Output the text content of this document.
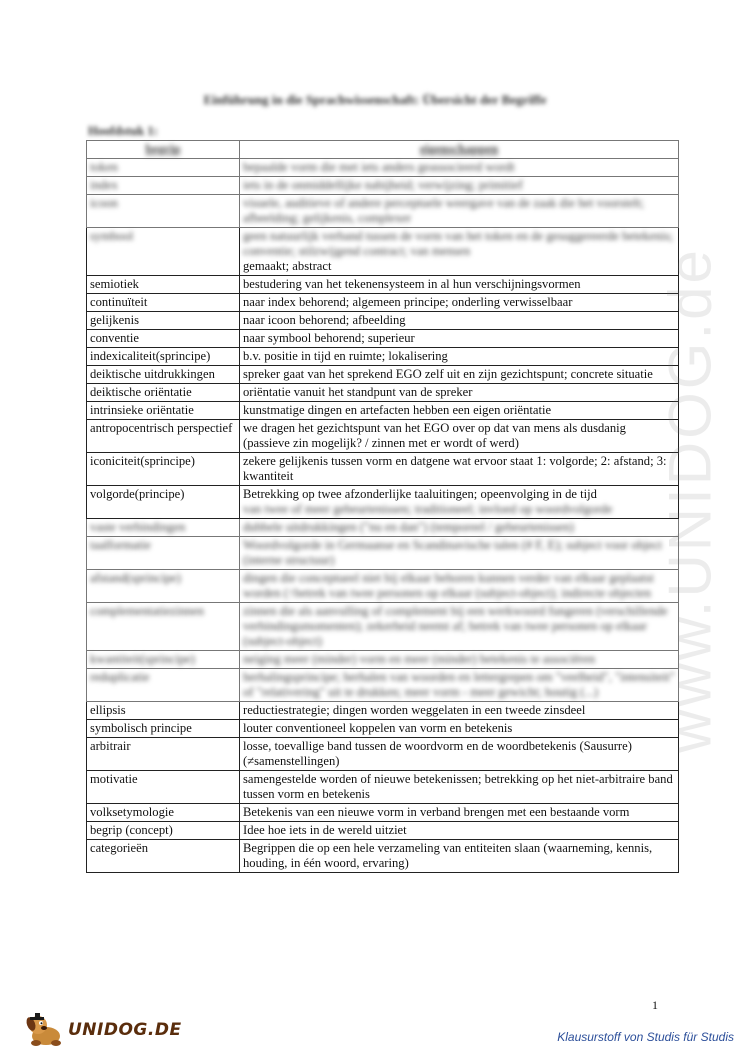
Einführung in die Sprachwissenschaft: Übersicht der Begriffe
Hoofdstuk 1:
begrip	eigenschappen
token	bepaalde vorm die met iets anders geassocieerd wordt
index	iets in de onmiddellijke nabijheid; verwijzing; primitief
icoon	visuele, auditieve of andere perceptuele weergave van de zaak die het voorstelt; afbeelding; gelijkenis, complexer
symbool	geen natuurlijk verband tussen de vorm van het token en de gesuggereerde betekenis; conventie; stilzwijgend contract; van mensen
gemaakt; abstract

semiotiek	bestudering van het tekenensysteem in al hun verschijningsvormen
continuïteit	naar index behorend; algemeen principe; onderling verwisselbaar
gelijkenis	naar icoon behorend; afbeelding
conventie	naar symbool behorend; superieur
indexicaliteit(sprincipe)	b.v. positie in tijd en ruimte; lokalisering
deiktische uitdrukkingen	spreker gaat van het sprekend EGO zelf uit en zijn gezichtspunt; concrete situatie
deiktische oriëntatie	oriëntatie vanuit het standpunt van de spreker
intrinsieke oriëntatie	kunstmatige dingen en artefacten hebben een eigen oriëntatie
antropocentrisch perspectief	we dragen het gezichtspunt van het EGO over op dat van mens als dusdanig (passieve zin mogelijk? / zinnen met er wordt of werd)
iconiciteit(sprincipe)	zekere gelijkenis tussen vorm en datgene wat ervoor staat 1: volgorde; 2: afstand; 3: kwantiteit
volgorde(principe)	Betrekking op twee afzonderlijke taaluitingen; opeenvolging in de tijd
van twee of meer gebeurtenissen; traditioneel; invloed op woordvolgorde

vaste verbindingen	dubbele uitdrukkingen ("nu en dan") (temporeel / gebeurtenissen)
taalformatie	Woordvolgorde in Germaanse en Scandinavische talen (# F, E); subject voor object (interne structuur)
afstand(sprincipe)	dingen die conceptueel niet bij elkaar behoren kunnen verder van elkaar geplaatst worden (↑betrek van twee personen op elkaar (subject-object); indirecte objecten
complementatiezinnen	zinnen die als aanvulling of complement bij een werkwoord fungeren (verschillende verbindingsmomenten); zekerheid neemt af; betrek van twee personen op elkaar (subject-object)
kwantiteit(sprincipe)	neiging meer (minder) vorm en meer (minder) betekenis te associëren
reduplicatie	herhalingsprincipe; herhalen van woorden en lettergrepen om "veelheid", "intensiteit" of "relativering" uit te drukken; meer vorm - meer gewicht; houtig (...)
ellipsis	reductiestrategie; dingen worden weggelaten in een tweede zinsdeel
symbolisch principe	louter conventioneel koppelen van vorm en betekenis
arbitrair	losse, toevallige band tussen de woordvorm en de woordbetekenis (Sausurre) (≠samenstellingen)
motivatie	samengestelde worden of nieuwe betekenissen; betrekking op het niet-arbitraire band tussen vorm en betekenis
volksetymologie	Betekenis van een nieuwe vorm in verband brengen met een bestaande vorm
begrip (concept)	Idee hoe iets in de wereld uitziet
categorieën	Begrippen die op een hele verzameling van entiteiten slaan (waarneming, kennis, houding, in één woord, ervaring)
www.UNIDOG.de
1
UNIDOG.DE	Klausurstoff von Studis für Studis
